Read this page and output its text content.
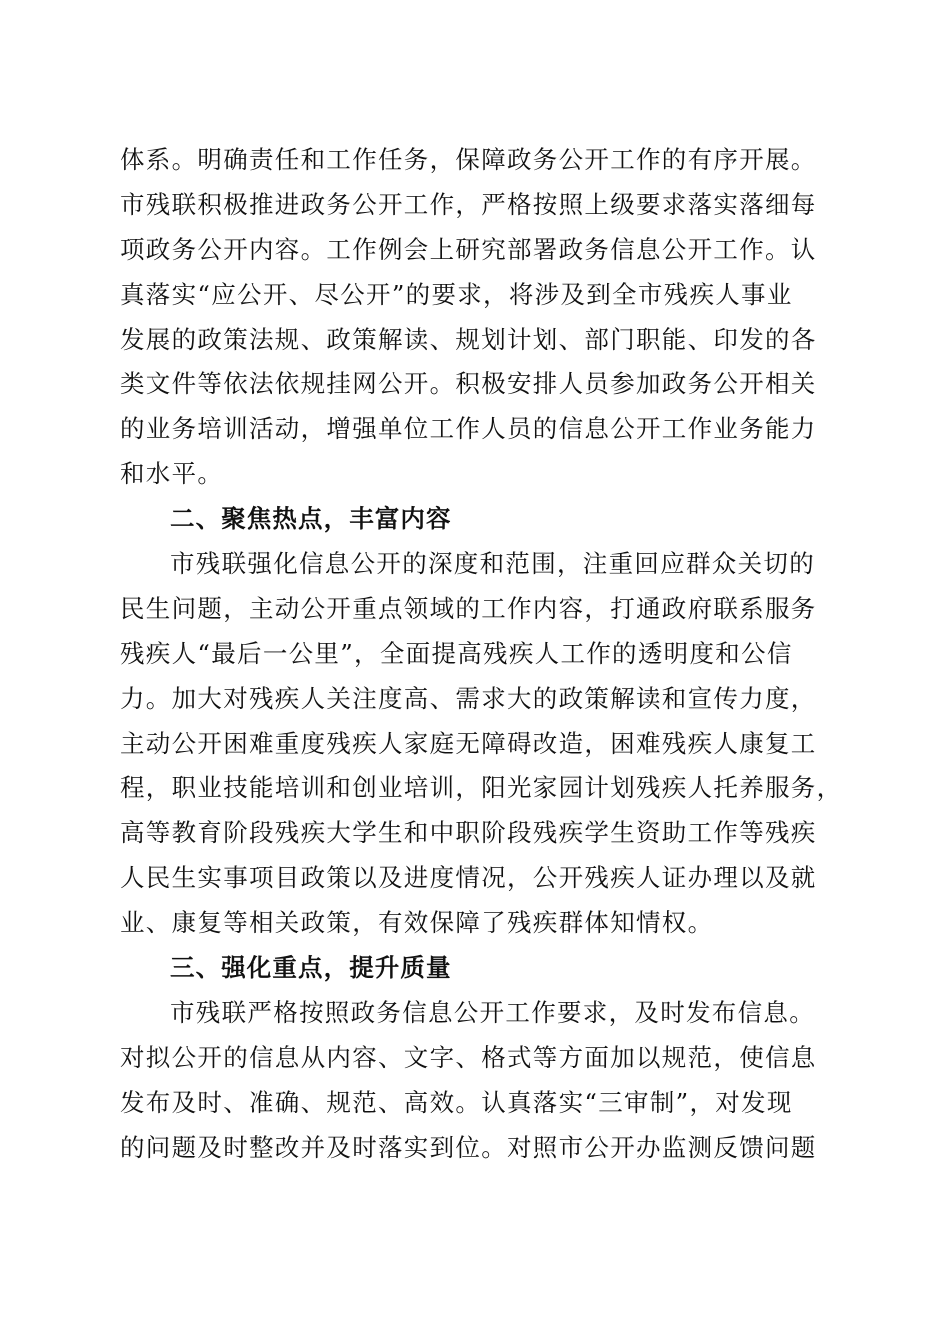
体系。明确责任和工作任务，保障政务公开工作的有序开展。
市残联积极推进政务公开工作，严格按照上级要求落实落细每
项政务公开内容。工作例会上研究部署政务信息公开工作。认
真落实“应公开、尽公开”的要求，将涉及到全市残疾人事业
发展的政策法规、政策解读、规划计划、部门职能、印发的各
类文件等依法依规挂网公开。积极安排人员参加政务公开相关
的业务培训活动，增强单位工作人员的信息公开工作业务能力
和水平。
二、聚焦热点，丰富内容
市残联强化信息公开的深度和范围，注重回应群众关切的
民生问题，主动公开重点领域的工作内容，打通政府联系服务
残疾人“最后一公里”，全面提高残疾人工作的透明度和公信
力。加大对残疾人关注度高、需求大的政策解读和宣传力度，
主动公开困难重度残疾人家庭无障碍改造，困难残疾人康复工
程，职业技能培训和创业培训，阳光家园计划残疾人托养服务，
高等教育阶段残疾大学生和中职阶段残疾学生资助工作等残疾
人民生实事项目政策以及进度情况，公开残疾人证办理以及就
业、康复等相关政策，有效保障了残疾群体知情权。
三、强化重点，提升质量
市残联严格按照政务信息公开工作要求，及时发布信息。
对拟公开的信息从内容、文字、格式等方面加以规范，使信息
发布及时、准确、规范、高效。认真落实“三审制”，对发现
的问题及时整改并及时落实到位。对照市公开办监测反馈问题
